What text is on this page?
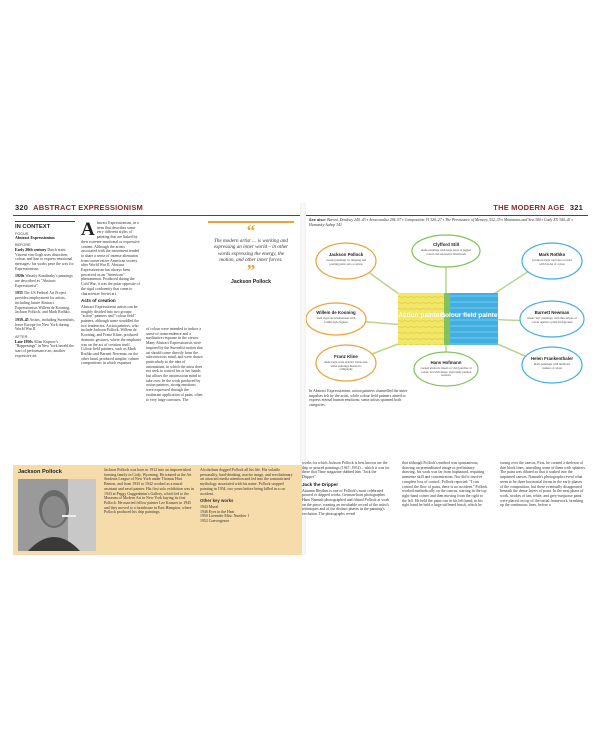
320 ABSTRACT EXPRESSIONISM
IN CONTEXT
FOCUS
Abstract Expressionism
BEFORE
Early 20th century Dutch artist Vincent van Gogh uses distortion, colour, and line to express emotional messages: his works pave the way for Expressionism.
1920s Wassily Kandinsky's paintings are described as "Abstract Expressionist".
1935 The US Federal Art Project provides employment for artists, including future Abstract Expressionists Willem de Kooning, Jackson Pollock, and Mark Rothko.
1939–45 Artists, including Surrealists, leave Europe for New York during World War II.
AFTER
Late 1950s Allan Kaprow's "Happenings" in New York herald the start of performance art, another expressive art.
Abstract Expressionism, in a term that describes some very different styles of painting that are linked by their extreme emotional or expressive content. Although the artists associated with the movement tended to share a sense of intense alienation from conservative American society after World War II, Abstract Expressionism has always been perceived as an "American" phenomenon. Produced during the Cold War, it was the polar opposite of the rigid conformity that came to characterize Soviet art.
Acts of creation
Abstract Expressionist artists can be roughly divided into two groups: "action" painters and "colour field" painters, although some straddled the two tendencies. Action painters, who include Jackson Pollock, Willem de Kooning, and Franz Kline, produced dramatic gestures, where the emphasis was on the act of creation itself. Colour field painters, such as Mark Rothko and Barnett Newman, on the other hand, produced simpler, calmer compositions in which expanses
of colour were intended to induce a sense of transcendence and a meditative response in the viewer. Many Abstract Expressionists were inspired by the Surrealist notion that art should come directly from the subconscious mind, and were drawn particularly to the idea of automatism, in which the artist does not seek to control his or her hands but allows the unconscious mind to take over. In the work produced by action painters, strong emotions were expressed through the exuberant application of paint, often to very large canvases. The
“
The modern artist … is working and expressing an inner world – in other words expressing the energy, the motion, and other inner forces.
”
Jackson Pollock
Jackson Pollock	Jackson Pollock was born in 1912 into an impoverished farming family in Cody, Wyoming. He trained at the Art Students League of New York under Thomas Hart Benton, and from 1935 to 1942 worked as a mural assistant and easel painter. His first solo exhibition was in 1943 at Peggy Guggenheim's Gallery, which led to the Museum of Modern Art in New York buying its first Pollock. He married fellow painter Lee Krasner in 1945 and they moved to a farmhouse in East Hampton, where Pollock produced his drip paintings.
Alcoholism dogged Pollock all his life. His volatile personality, hard-drinking, macho image, and revolutionary art attracted media attention and fed into the romanticized mythology associated with his name. Pollock stopped painting in 1954, two years before being killed in a car accident.
Other key works
1943 Mural
1946 Eyes in the Heat
1950 Lavender Mist: Number 1
1952 Convergence
THE MODERN AGE 321
See also: Baroni, Dendsey 240–43 ▪ Avraconalist 294–97 ▪ Composition VI 320–27 ▪ The Presistance of Memory 332–35 ▪ Mountains and Sea 340 ▪ Cady XX 340–41 ▪ Humanity Aahep 341
Action painters
Colour field painters
Jackson Pollock
Clyfford Still
Mark Rothko
Willem de Kooning	Barnett Newman
Franz Kline
Hans Hofmann
Helen Frankenthaler
created paintings by dripping and pouring paint onto a canvas
made paintings with large areas of jagged colour and expressive brushwork
produced large canvases covered with blocks of colour
used vigorous brushstrokes with Cubist-style figures
made "zip" paintings, with thin stripes of colour against a plain background
made large-scale abstract black-and-white paintings likened to calligraphy	created abstracts based on vivid patches of colour, but with dense, vigorously painted surfaces
made paintings with luminous washes of colour
In Abstract Expressionism, action painters channelled the inner impulses felt by the artist, while colour field painters aimed to express eternal human emotions; some artists spanned both categories.
works for which Jackson Pollock is best known are the drip or poured paintings (1947–1952) – which it was for these that Time magazine dubbed him "Jack the Dripper".
Jack the Dripper
Autumn Rhythm is one of Pollock's most celebrated poured or dripped works. German-born photographer Hans Namuth photographed and filmed Pollock at work on the piece, creating an invaluable record of the artist's techniques and of the distinct phases in the painting's evolution. The photographs reveal
that although Pollock's method was spontaneous, drawing on premeditated image or preliminary drawing, his work was far from haphazard, requiring immense skill and concentration. Nor did it involve complete loss of control; Pollock reported: "I can control the flow of paint, there is no accident." Pollock worked methodically on the canvas, starting in the top right-hand corner and then moving from the right to the left. He held the paint can in his left hand; in his right hand he held a large stiffened brush, which he
swung over the canvas. First, he created a skeleton of thin black lines, unsettling some of them with splatters. The paint was diluted so that it soaked into the unprimed canvas. Namuth's photographs reveal what seem to be three horizontal forms in the early phases of the composition, but these eventually disappeared beneath the dense layers of paint. In the next phase of work, strokes of tan, white, and grey-turquoise paint were placed on top of the initial framework, breaking up the continuous lines, before a
